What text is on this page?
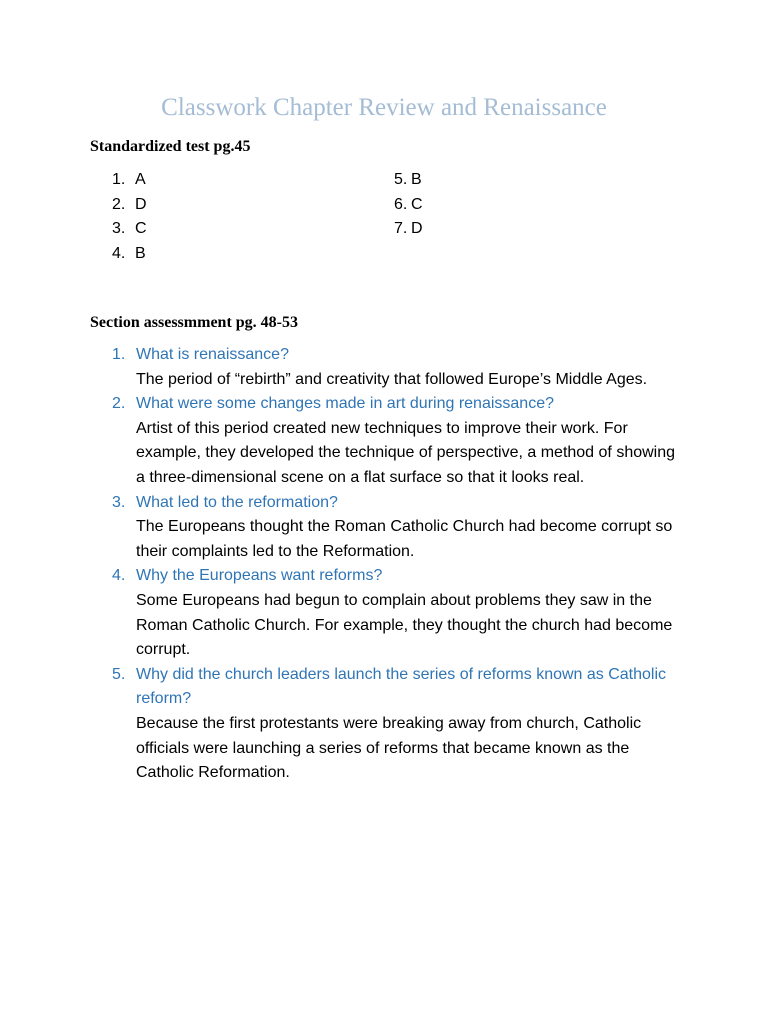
Classwork Chapter Review and Renaissance
Standardized test pg.45
1. A
2. D
3. C
4. B
5. B
6. C
7. D
Section assessmment pg. 48-53
1. What is renaissance?
The period of “rebirth” and creativity that followed Europe’s Middle Ages.
2. What were some changes made in art during renaissance?
Artist of this period created new techniques to improve their work. For example, they developed the technique of perspective, a method of showing a three-dimensional scene on a flat surface so that it looks real.
3. What led to the reformation?
The Europeans thought the Roman Catholic Church had become corrupt so their complaints led to the Reformation.
4. Why the Europeans want reforms?
Some Europeans had begun to complain about problems they saw in the Roman Catholic Church. For example, they thought the church had become corrupt.
5. Why did the church leaders launch the series of reforms known as Catholic reform?
Because the first protestants were breaking away from church, Catholic officials were launching a series of reforms that became known as the Catholic Reformation.
